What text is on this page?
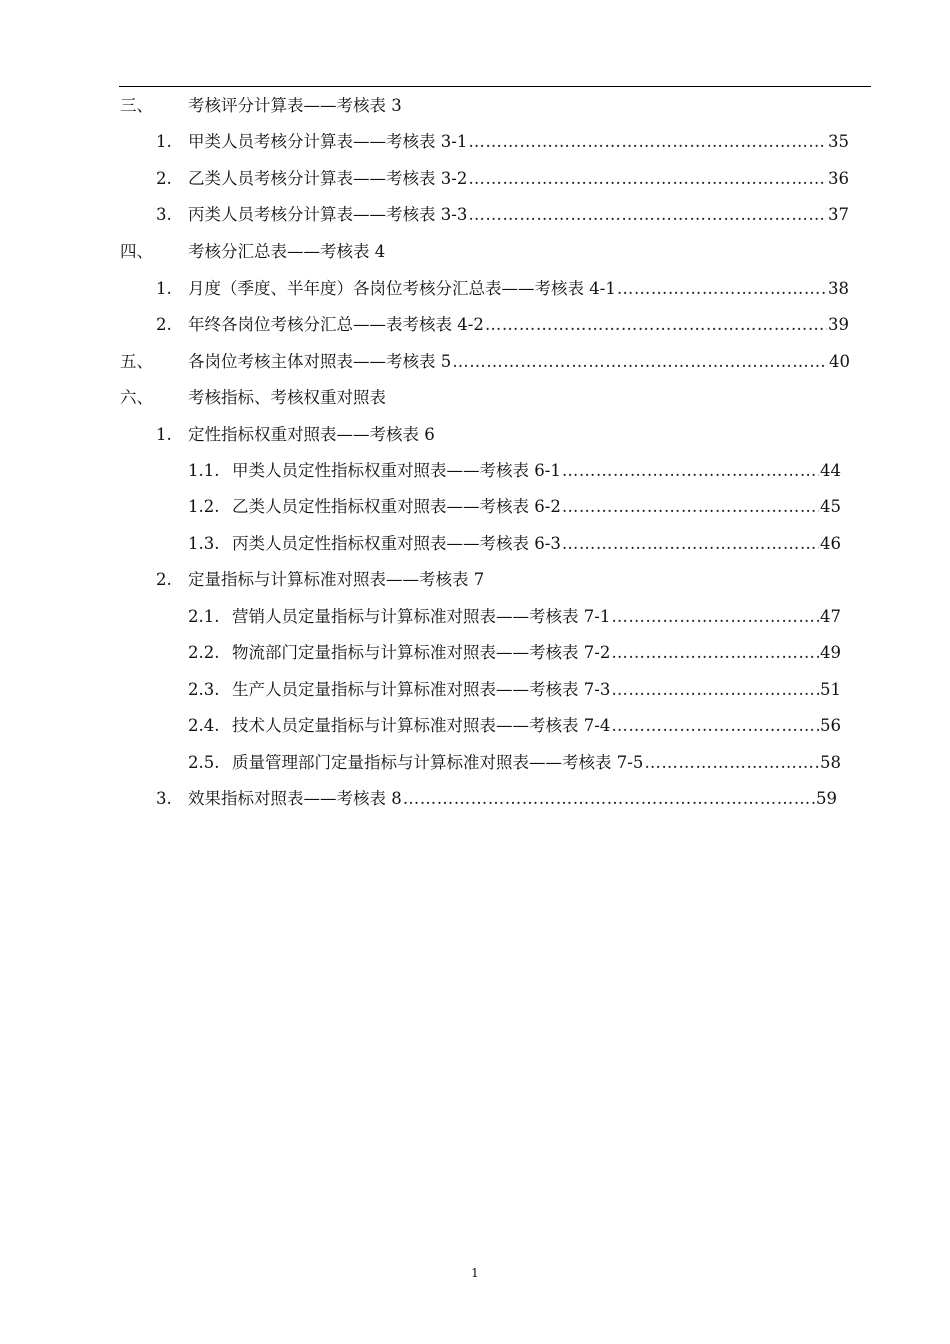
三、	考核评分计算表——考核表 3
1. 甲类人员考核分计算表——考核表 3-1 ……………………………………………………………………………………………………………………………………………………………………	35
2. 乙类人员考核分计算表——考核表 3-2 ……………………………………………………………………………………………………………………………………………………………………	36
3. 丙类人员考核分计算表——考核表 3-3 ……………………………………………………………………………………………………………………………………………………………………	37
四、	考核分汇总表——考核表 4
1. 月度（季度、半年度）各岗位考核分汇总表——考核表 4-1 ……………………………………………………………………………………………………………………………………………………………………	38
2. 年终各岗位考核分汇总——表考核表 4-2 ……………………………………………………………………………………………………………………………………………………………………	39
五、	各岗位考核主体对照表——考核表 5 ……………………………………………………………………………………………………………………………………………………………………	40
六、	考核指标、考核权重对照表
1. 定性指标权重对照表——考核表 6
1.1. 甲类人员定性指标权重对照表——考核表 6-1 ……………………………………………………………………………………………………………………………………………………………………	44
1.2. 乙类人员定性指标权重对照表——考核表 6-2 ……………………………………………………………………………………………………………………………………………………………………	45
1.3. 丙类人员定性指标权重对照表——考核表 6-3 ……………………………………………………………………………………………………………………………………………………………………	46
2. 定量指标与计算标准对照表——考核表 7
2.1. 营销人员定量指标与计算标准对照表——考核表 7-1 ……………………………………………………………………………………………………………………………………………………………………	47
2.2. 物流部门定量指标与计算标准对照表——考核表 7-2 ……………………………………………………………………………………………………………………………………………………………………	49
2.3. 生产人员定量指标与计算标准对照表——考核表 7-3 ……………………………………………………………………………………………………………………………………………………………………	51
2.4. 技术人员定量指标与计算标准对照表——考核表 7-4 ……………………………………………………………………………………………………………………………………………………………………	56
2.5. 质量管理部门定量指标与计算标准对照表——考核表 7-5 ……………………………………………………………………………………………………………………………………………………………………	58
3. 效果指标对照表——考核表 8 ……………………………………………………………………………………………………………………………………………………………………	59
1
